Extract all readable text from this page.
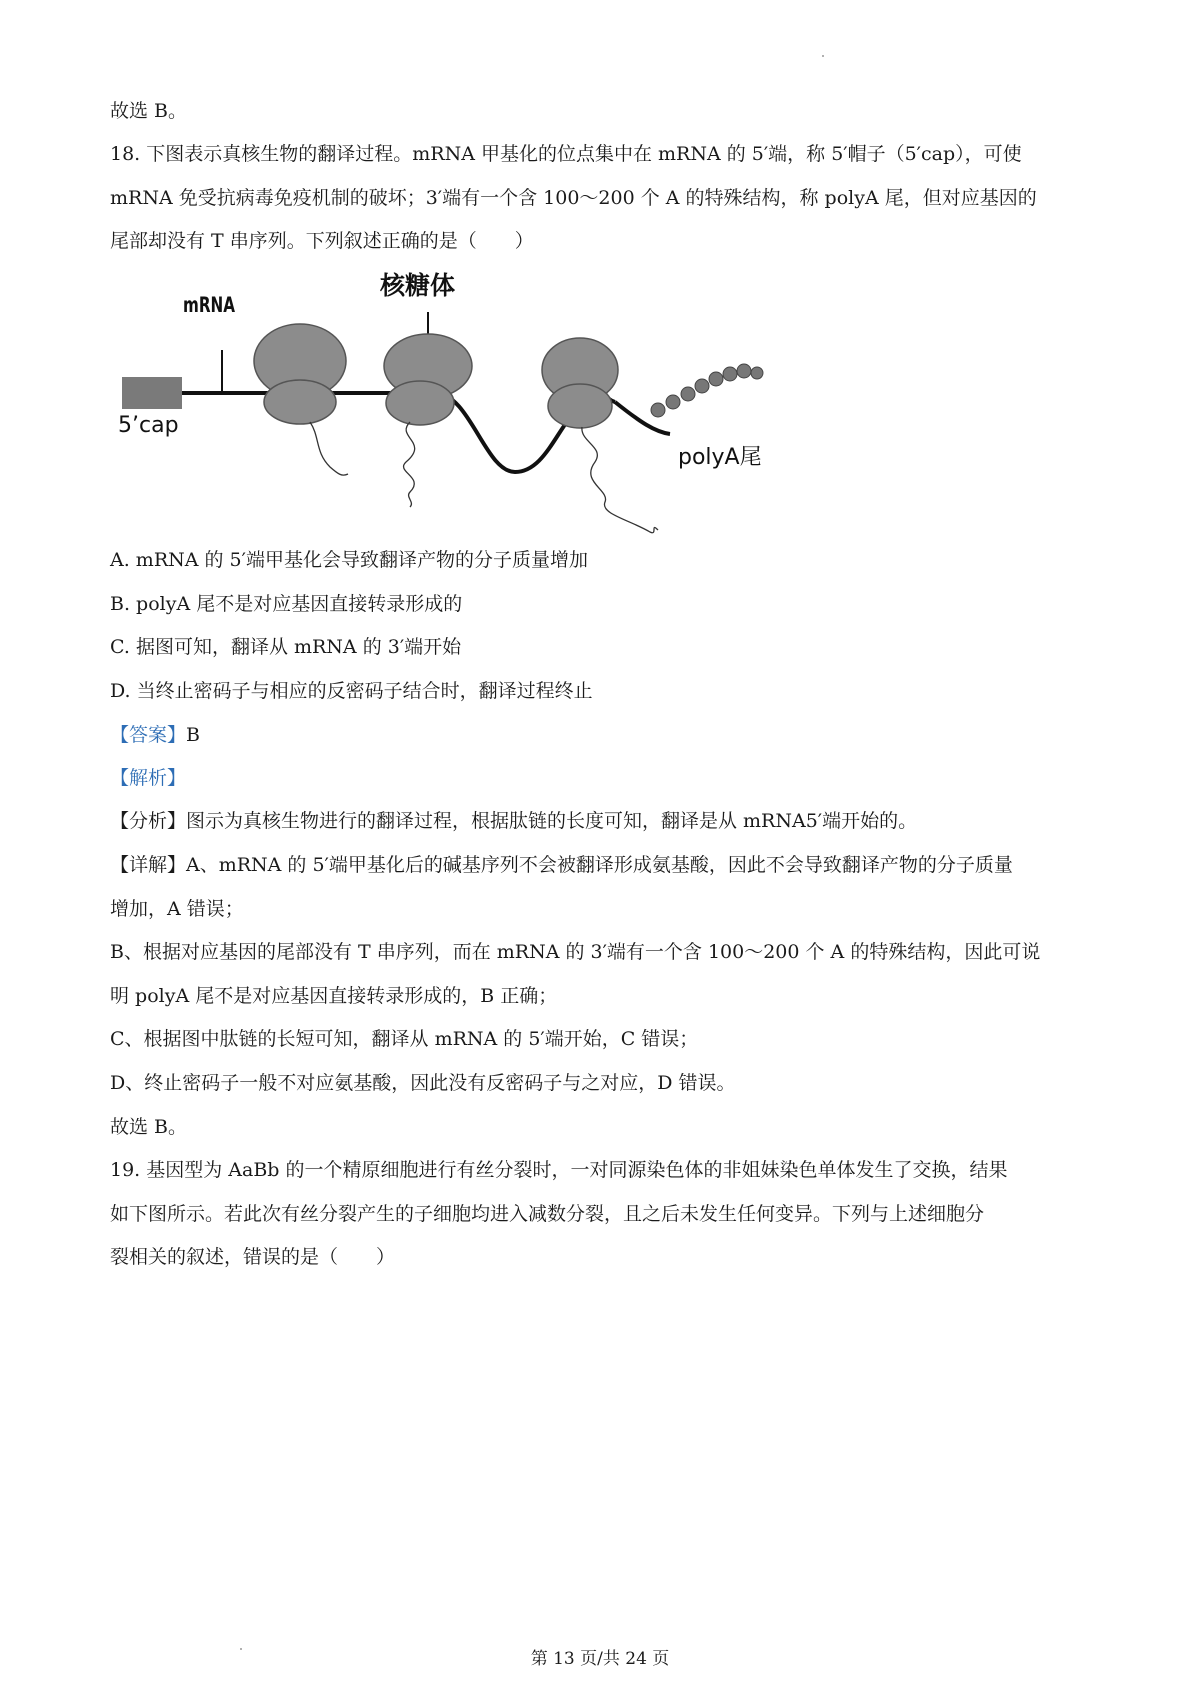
故选 B。
18. 下图表示真核生物的翻译过程。mRNA 甲基化的位点集中在 mRNA 的 5′端，称 5′帽子（5′cap），可使
mRNA 免受抗病毒免疫机制的破坏；3′端有一个含 100～200 个 A 的特殊结构，称 polyA 尾，但对应基因的
尾部却没有 T 串序列。下列叙述正确的是（　　）
核糖体
mRNA
5’cap
polyA尾
A. mRNA 的 5′端甲基化会导致翻译产物的分子质量增加
B. polyA 尾不是对应基因直接转录形成的
C. 据图可知，翻译从 mRNA 的 3′端开始
D. 当终止密码子与相应的反密码子结合时，翻译过程终止
【答案】B
【解析】
【分析】图示为真核生物进行的翻译过程，根据肽链的长度可知，翻译是从 mRNA5′端开始的。
【详解】A、mRNA 的 5′端甲基化后的碱基序列不会被翻译形成氨基酸，因此不会导致翻译产物的分子质量
增加，A 错误；
B、根据对应基因的尾部没有 T 串序列，而在 mRNA 的 3′端有一个含 100～200 个 A 的特殊结构，因此可说
明 polyA 尾不是对应基因直接转录形成的，B 正确；
C、根据图中肽链的长短可知，翻译从 mRNA 的 5′端开始，C 错误；
D、终止密码子一般不对应氨基酸，因此没有反密码子与之对应，D 错误。
故选 B。
19. 基因型为 AaBb 的一个精原细胞进行有丝分裂时，一对同源染色体的非姐妹染色单体发生了交换，结果
如下图所示。若此次有丝分裂产生的子细胞均进入减数分裂，且之后未发生任何变异。下列与上述细胞分
裂相关的叙述，错误的是（　　）
第 13 页/共 24 页
